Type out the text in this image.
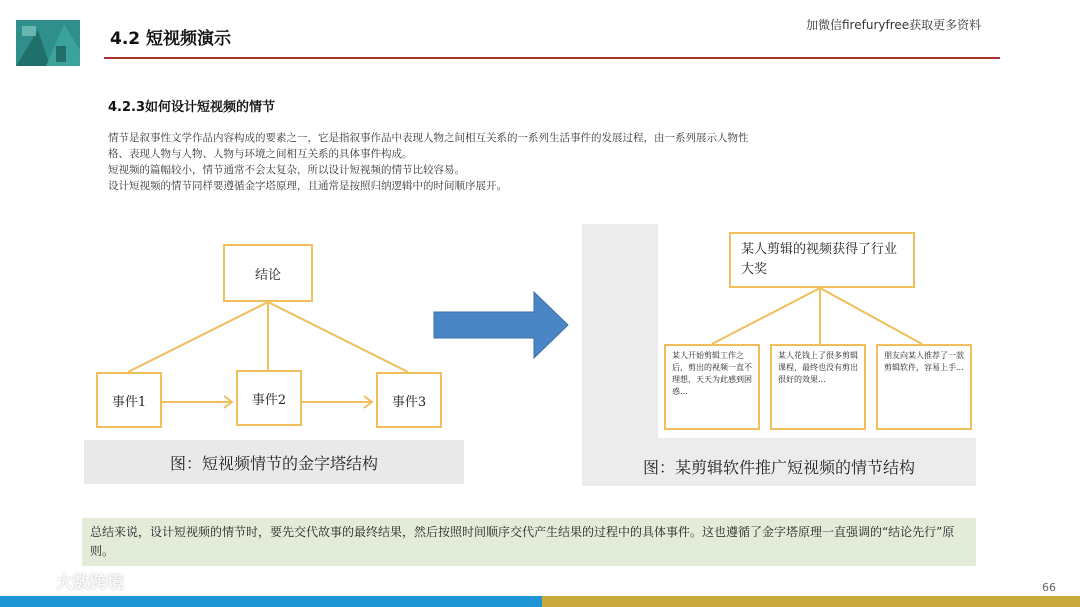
4.2 短视频演示
加微信firefuryfree获取更多资料
4.2.3如何设计短视频的情节

情节是叙事性文学作品内容构成的要素之一，它是指叙事作品中表现人物之间相互关系的一系列生活事件的发展过程，由一系列展示人物性

格、表现人物与人物、人物与环境之间相互关系的具体事件构成。

短视频的篇幅较小，情节通常不会太复杂，所以设计短视频的情节比较容易。

设计短视频的情节同样要遵循金字塔原理，且通常是按照归纳逻辑中的时间顺序展开。

结论
事件1	事件2	事件3
图：短视频情节的金字塔结构
某人剪辑的视频获得了行业大奖
某人开始剪辑工作之后，剪出的视频一直不理想，天天为此感到困惑...
某人花钱上了很多剪辑课程，最终也没有剪出很好的效果...
朋友向某人推荐了一款剪辑软件，容易上手...
图：某剪辑软件推广短视频的情节结构
总结来说，设计短视频的情节时，要先交代故事的最终结果，然后按照时间顺序交代产生结果的过程中的具体事件。这也遵循了金字塔原理一直强调的“结论先行”原则。
66
大数跨境
